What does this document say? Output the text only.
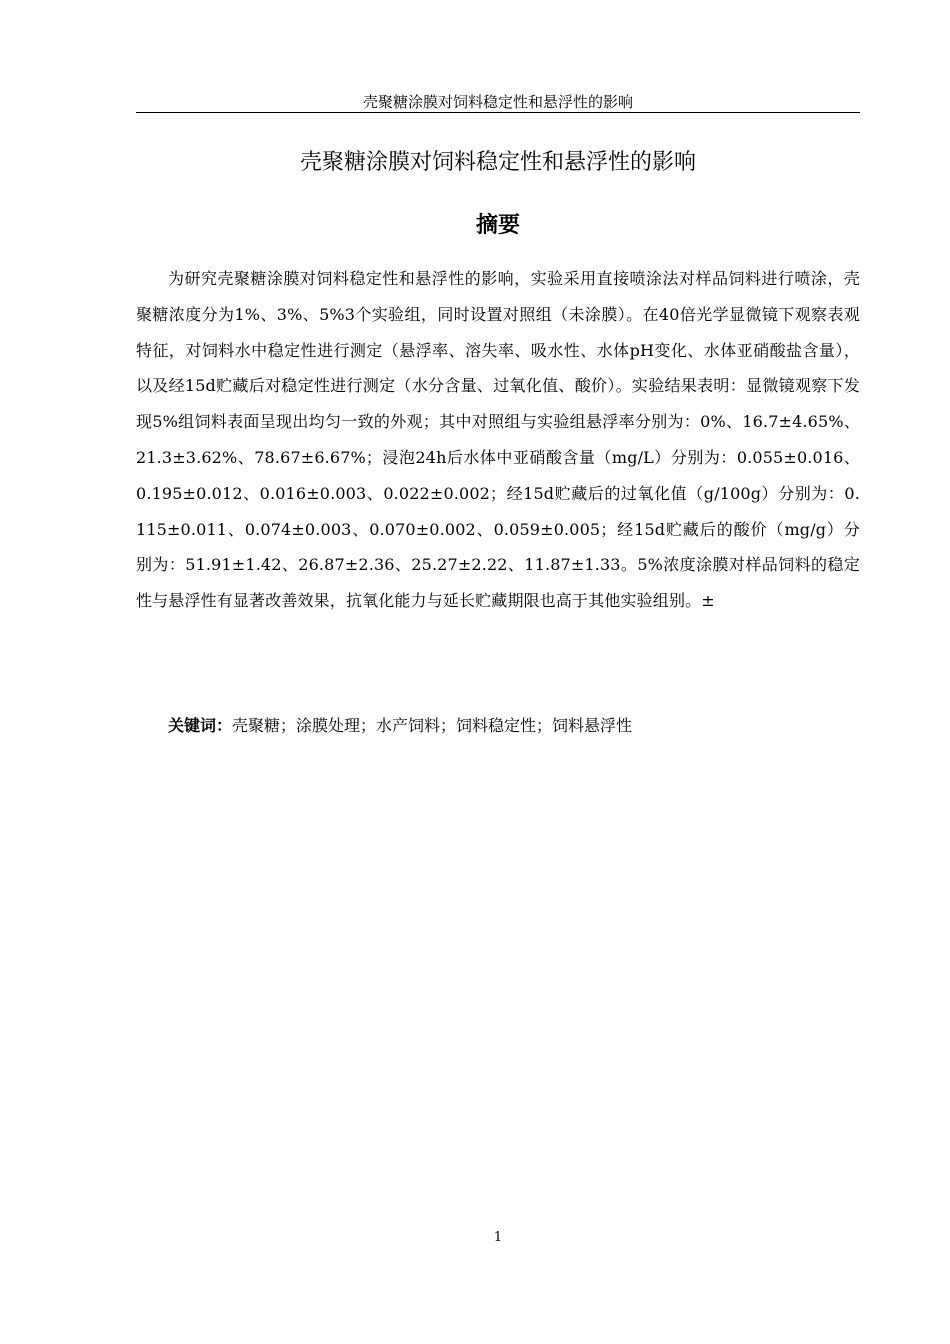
壳聚糖涂膜对饲料稳定性和悬浮性的影响
壳聚糖涂膜对饲料稳定性和悬浮性的影响
摘要

为研究壳聚糖涂膜对饲料稳定性和悬浮性的影响，实验采用直接喷涂法对样品饲料进行喷涂，壳聚糖浓度分为1%、3%、5%3个实验组，同时设置对照组（未涂膜）。在40倍光学显微镜下观察表观特征，对饲料水中稳定性进行测定（悬浮率、溶失率、吸水性、水体pH变化、水体亚硝酸盐含量），以及经15d贮藏后对稳定性进行测定（水分含量、过氧化值、酸价）。实验结果表明：显微镜观察下发现5%组饲料表面呈现出均匀一致的外观；其中对照组与实验组悬浮率分别为：0%、16.7±4.65%、21.3±3.62%、78.67±6.67%；浸泡24h后水体中亚硝酸含量（mg/L）分别为：0.055±0.016、0.195±0.012、0.016±0.003、0.022±0.002；经15d贮藏后的过氧化值（g/100g）分别为：0.115±0.011、0.074±0.003、0.070±0.002、0.059±0.005；经15d贮藏后的酸价（mg/g）分别为：51.91±1.42、26.87±2.36、25.27±2.22、11.87±1.33。5%浓度涂膜对样品饲料的稳定性与悬浮性有显著改善效果，抗氧化能力与延长贮藏期限也高于其他实验组别。±

关键词：壳聚糖；涂膜处理；水产饲料；饲料稳定性；饲料悬浮性

1
